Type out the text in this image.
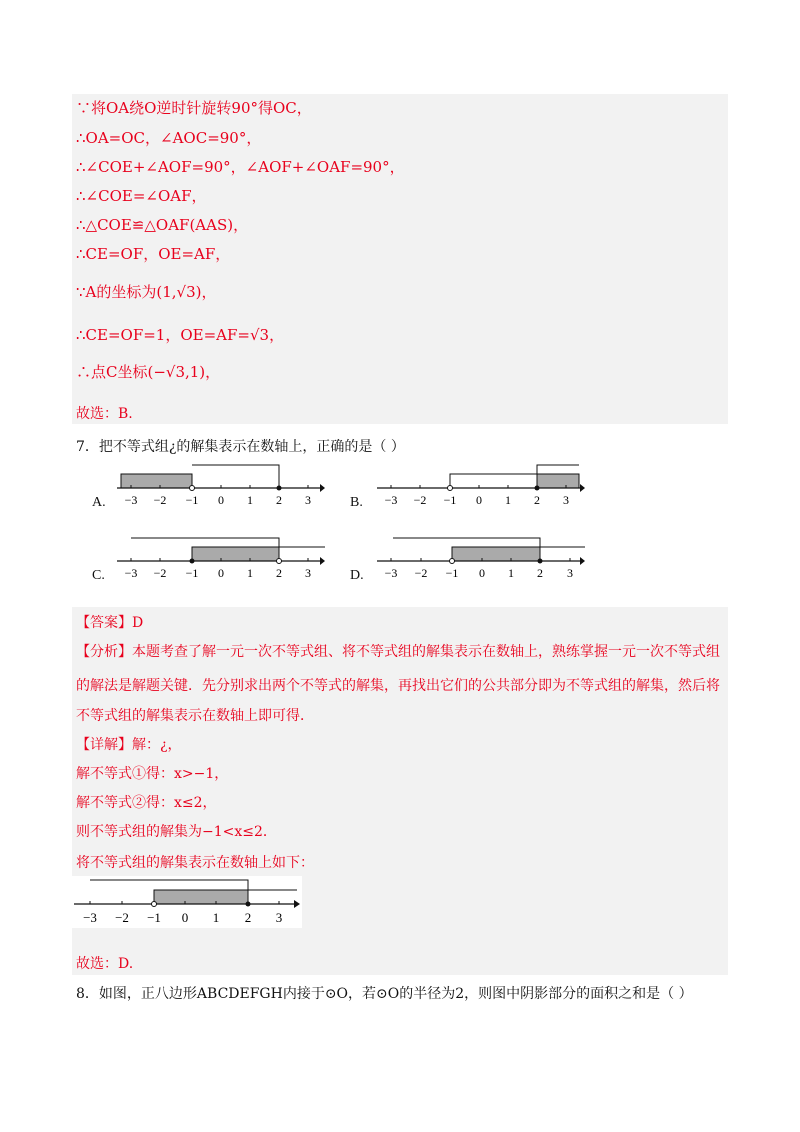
∵将OA绕O逆时针旋转90°得OC，
∴OA=OC，∠AOC=90°，
∴∠COE+∠AOF=90°，∠AOF+∠OAF=90°，
∴∠COE=∠OAF，
∴△COE≌△OAF(AAS)，
∴CE=OF，OE=AF，
∵A的坐标为(1,√3)，
∴CE=OF=1，OE=AF=√3，
∴点C坐标(−√3,1)，
故选：B.
7．把不等式组¿的解集表示在数轴上，正确的是（ ）
A.	B.
C.	D.
−3 −2 −1 0 1 2 3	−3 −2 −1 0 1 2 3
−3 −2 −1 0 1 2 3	−3 −2 −1 0 1 2 3
【答案】D
【分析】本题考查了解一元一次不等式组、将不等式组的解集表示在数轴上，熟练掌握一元一次不等式组
的解法是解题关键．先分别求出两个不等式的解集，再找出它们的公共部分即为不等式组的解集，然后将
不等式组的解集表示在数轴上即可得．
【详解】解：¿，
解不等式①得：x>−1，
解不等式②得：x≤2，
则不等式组的解集为−1<x≤2．
将不等式组的解集表示在数轴上如下：
−3 −2 −1 0 1 2 3
故选：D.
8．如图，正八边形ABCDEFGH内接于⊙O，若⊙O的半径为2，则图中阴影部分的面积之和是（ ）
